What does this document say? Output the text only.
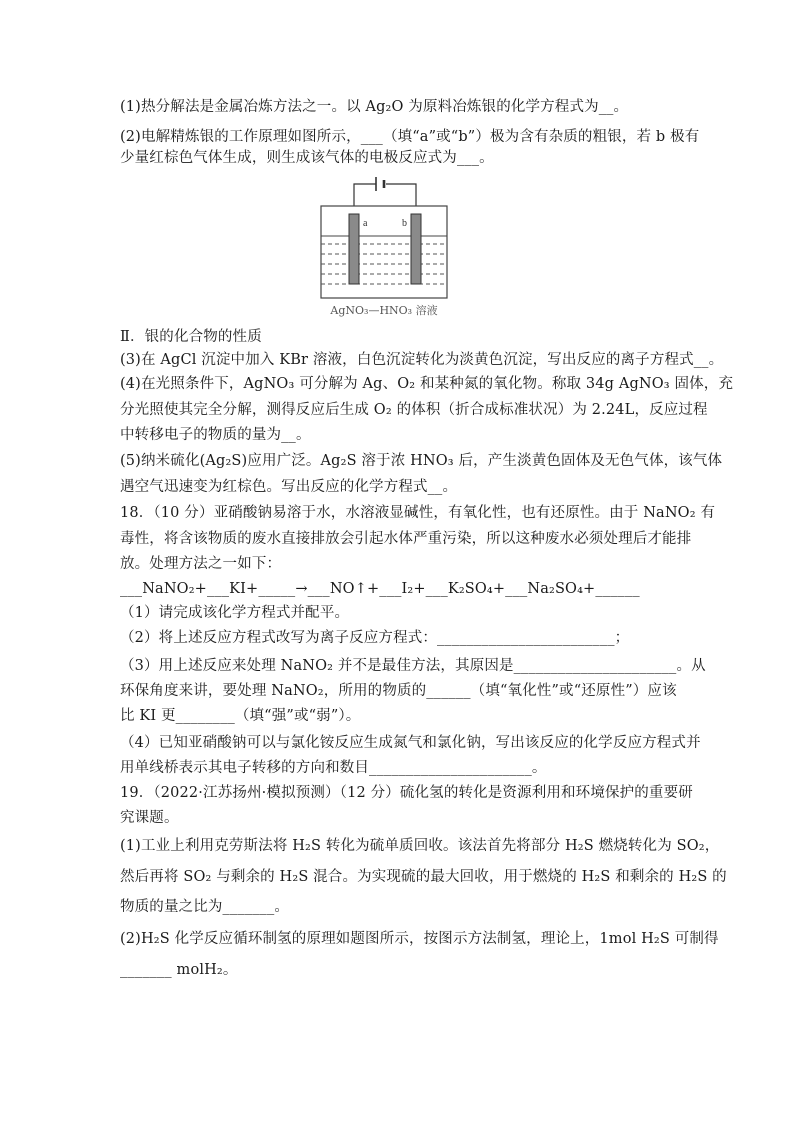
(1)热分解法是金属冶炼方法之一。以 Ag₂O 为原料冶炼银的化学方程式为__。
(2)电解精炼银的工作原理如图所示，___（填“a”或“b”）极为含有杂质的粗银，若 b 极有
少量红棕色气体生成，则生成该气体的电极反应式为___。
a	b
AgNO₃—HNO₃ 溶液
Ⅱ．银的化合物的性质
(3)在 AgCl 沉淀中加入 KBr 溶液，白色沉淀转化为淡黄色沉淀，写出反应的离子方程式__。
(4)在光照条件下，AgNO₃ 可分解为 Ag、O₂ 和某种氮的氧化物。称取 34g AgNO₃ 固体，充
分光照使其完全分解，测得反应后生成 O₂ 的体积（折合成标准状况）为 2.24L，反应过程
中转移电子的物质的量为__。
(5)纳米硫化(Ag₂S)应用广泛。Ag₂S 溶于浓 HNO₃ 后，产生淡黄色固体及无色气体，该气体
遇空气迅速变为红棕色。写出反应的化学方程式__。
18．（10 分）亚硝酸钠易溶于水，水溶液显碱性，有氧化性，也有还原性。由于 NaNO₂ 有
毒性，将含该物质的废水直接排放会引起水体严重污染，所以这种废水必须处理后才能排
放。处理方法之一如下：
___NaNO₂+___KI+_____→___NO↑+___I₂+___K₂SO₄+___Na₂SO₄+______
（1）请完成该化学方程式并配平。
（2）将上述反应方程式改写为离子反应方程式：________________________；
（3）用上述反应来处理 NaNO₂ 并不是最佳方法，其原因是______________________。从
环保角度来讲，要处理 NaNO₂，所用的物质的______（填“氧化性”或“还原性”）应该
比 KI 更________（填“强”或“弱”）。
（4）已知亚硝酸钠可以与氯化铵反应生成氮气和氯化钠，写出该反应的化学反应方程式并
用单线桥表示其电子转移的方向和数目______________________。
19．（2022·江苏扬州·模拟预测）（12 分）硫化氢的转化是资源利用和环境保护的重要研
究课题。
(1)工业上利用克劳斯法将 H₂S 转化为硫单质回收。该法首先将部分 H₂S 燃烧转化为 SO₂，
然后再将 SO₂ 与剩余的 H₂S 混合。为实现硫的最大回收，用于燃烧的 H₂S 和剩余的 H₂S 的
物质的量之比为_______。
(2)H₂S 化学反应循环制氢的原理如题图所示，按图示方法制氢，理论上，1mol H₂S 可制得
_______ molH₂。
